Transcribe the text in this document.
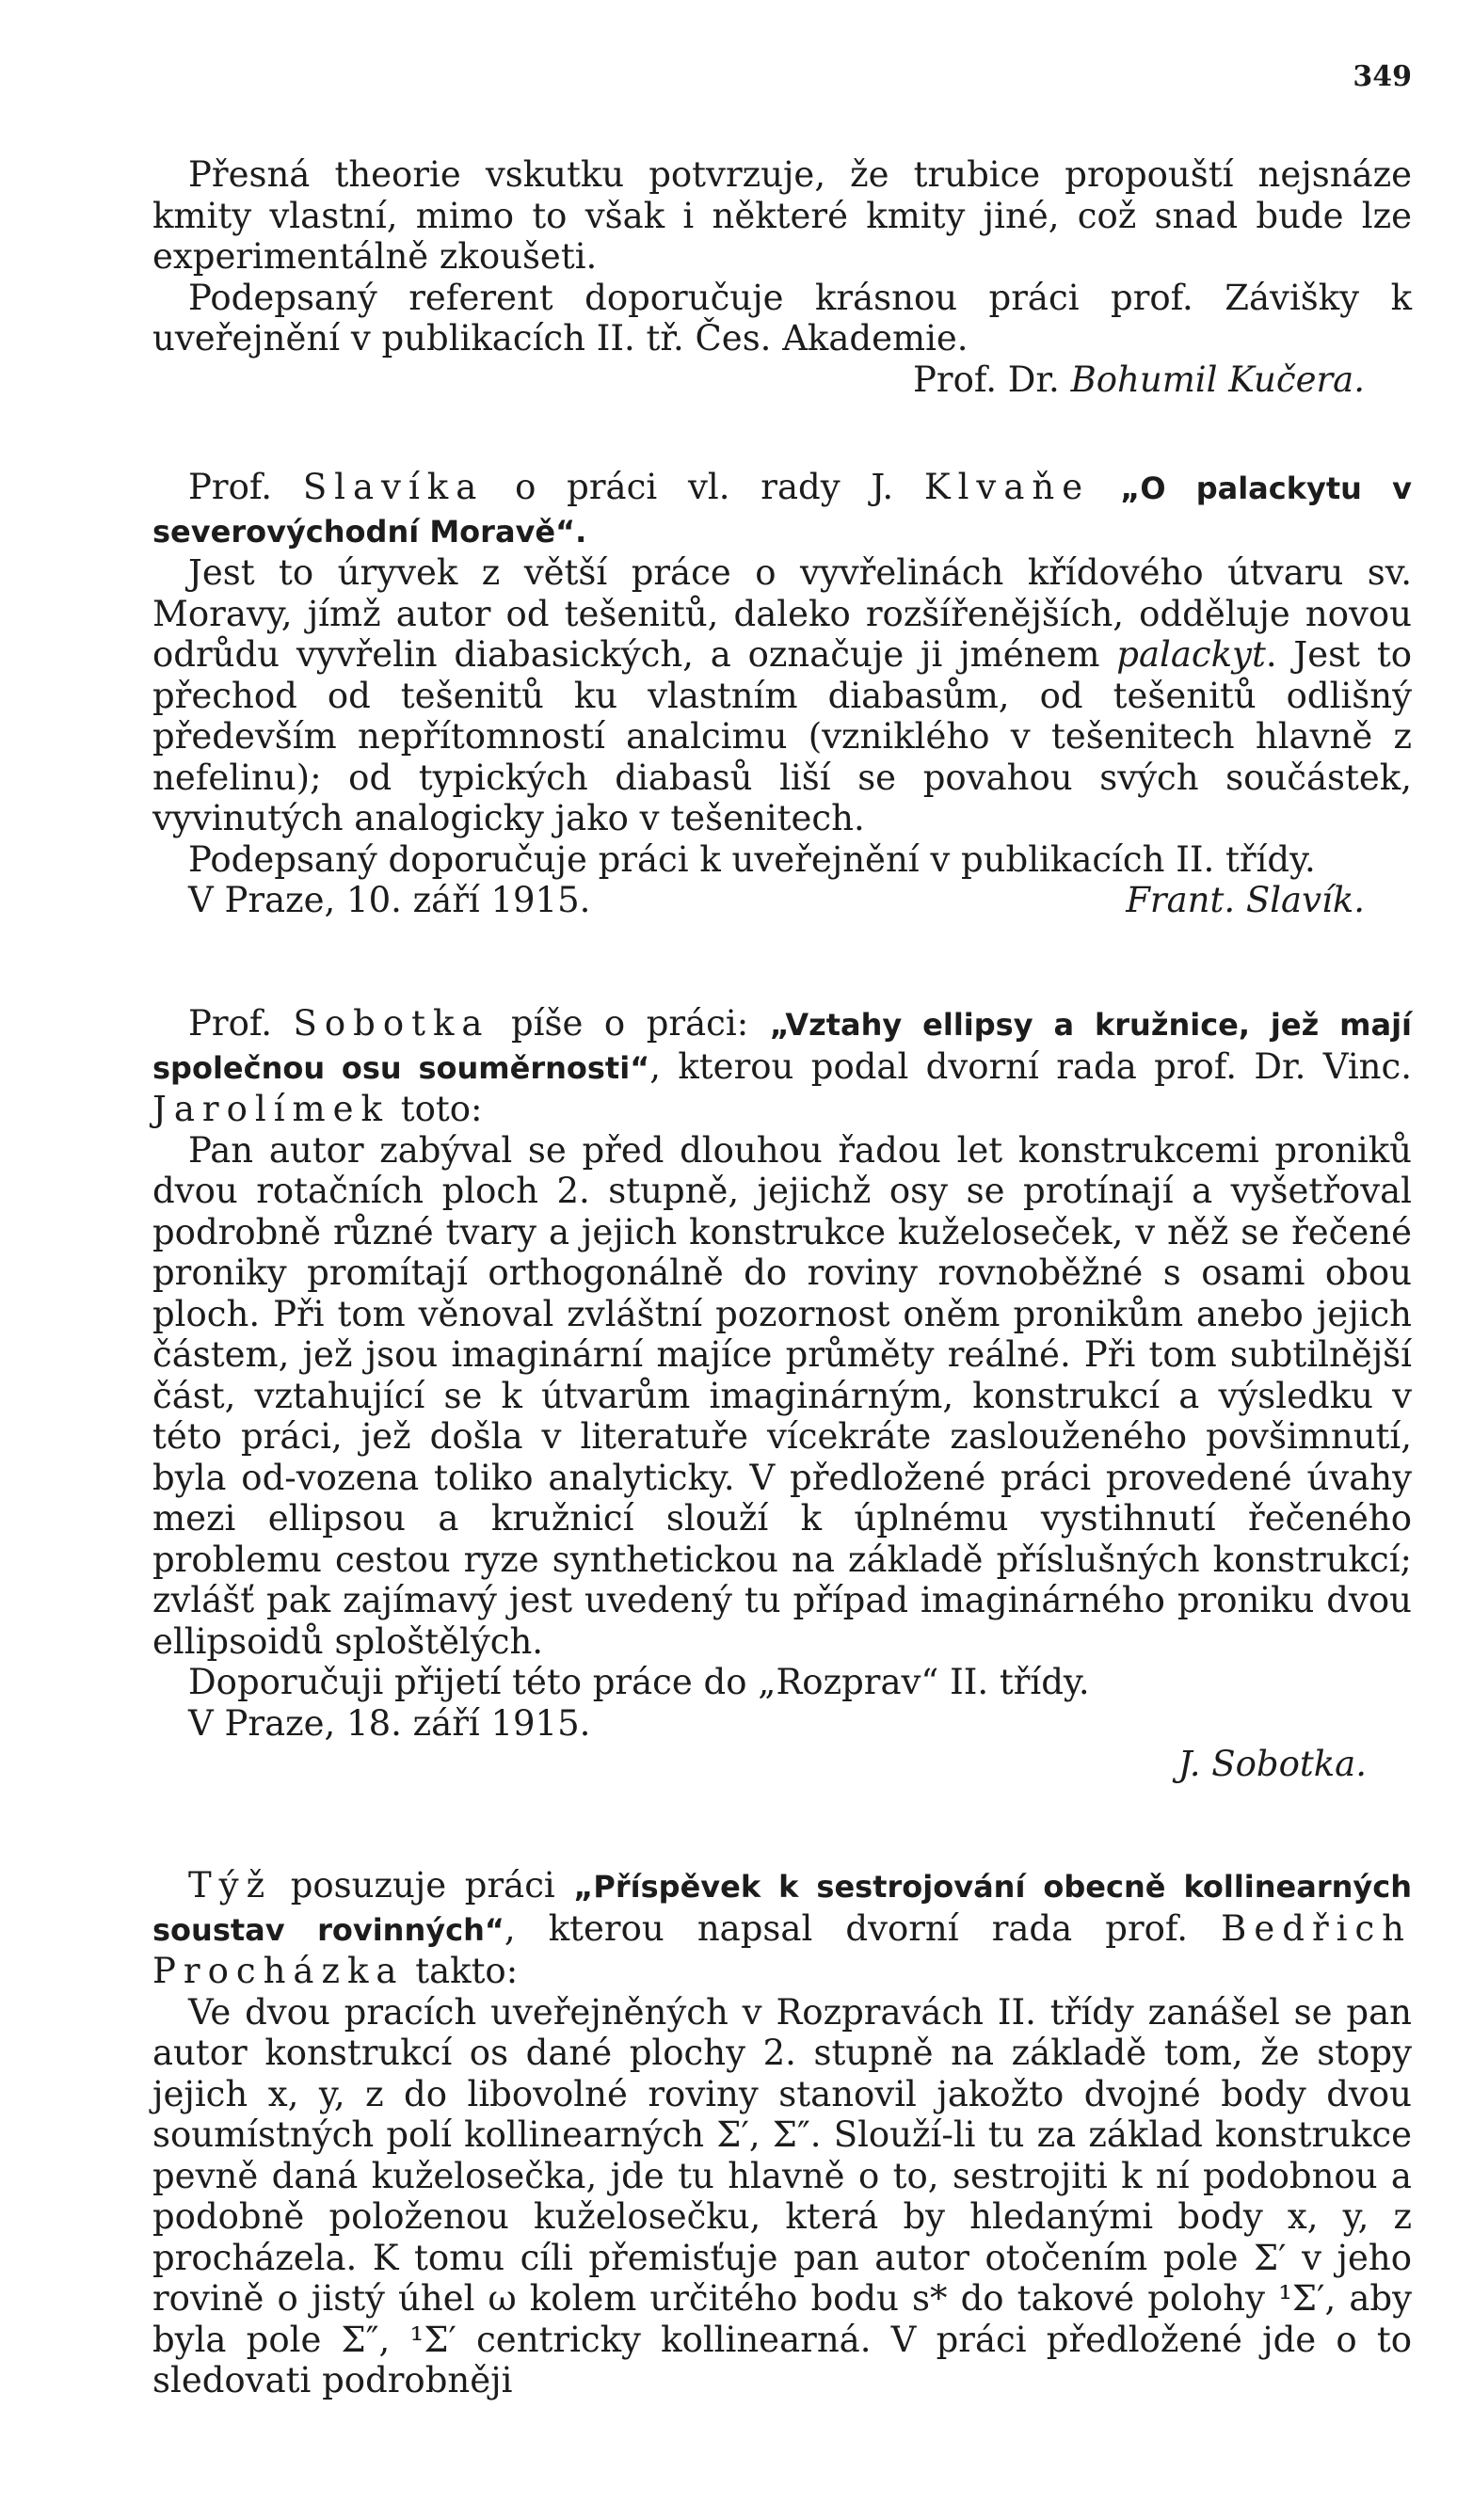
349

Přesná theorie vskutku potvrzuje, že trubice propouští nejsnáze kmity vlastní, mimo to však i některé kmity jiné, což snad bude lze experimentálně zkoušeti.

Podepsaný referent doporučuje krásnou práci prof. Závišky k uveřejnění v publikacích II. tř. Čes. Akademie.

Prof. Dr. Bohumil Kučera.

Prof. Slavíka o práci vl. rady J. Klvaňe „O palackytu v severovýchodní Moravě“.

Jest to úryvek z větší práce o vyvřelinách křídového útvaru sv. Moravy, jímž autor od tešenitů, daleko rozšířenějších, odděluje novou odrůdu vyvřelin diabasických, a označuje ji jménem palackyt. Jest to přechod od tešenitů ku vlastním diabasům, od tešenitů odlišný především nepřítomností analcimu (vzniklého v tešenitech hlavně z nefelinu); od typických diabasů liší se povahou svých součástek, vyvinutých analogicky jako v tešenitech.

Podepsaný doporučuje práci k uveřejnění v publikacích II. třídy.

V Praze, 10. září 1915.	Frant. Slavík.

Prof. Sobotka píše o práci: „Vztahy ellipsy a kružnice, jež mají společnou osu souměrnosti“, kterou podal dvorní rada prof. Dr. Vinc. Jarolímek toto:

Pan autor zabýval se před dlouhou řadou let konstrukcemi proniků dvou rotačních ploch 2. stupně, jejichž osy se protínají a vyšetřoval podrobně různé tvary a jejich konstrukce kuželoseček, v něž se řečené proniky promítají orthogonálně do roviny rovnoběžné s osami obou ploch. Při tom věnoval zvláštní pozornost oněm pronikům anebo jejich částem, jež jsou imaginární majíce průměty reálné. Při tom subtilnější část, vztahující se k útvarům imaginárným, konstrukcí a výsledku v této práci, jež došla v literatuře vícekráte zaslouženého povšimnutí, byla od-vozena toliko analyticky. V předložené práci provedené úvahy mezi ellipsou a kružnicí slouží k úplnému vystihnutí řečeného problemu cestou ryze synthetickou na základě příslušných konstrukcí; zvlášť pak zajímavý jest uvedený tu případ imaginárného proniku dvou ellipsoidů sploštělých.

Doporučuji přijetí této práce do „Rozprav“ II. třídy.

V Praze, 18. září 1915.

J. Sobotka.

Týž posuzuje práci „Příspěvek k sestrojování obecně kollinearných soustav rovinných“, kterou napsal dvorní rada prof. Bedřich Procházka takto:

Ve dvou pracích uveřejněných v Rozpravách II. třídy zanášel se pan autor konstrukcí os dané plochy 2. stupně na základě tom, že stopy jejich x, y, z do libovolné roviny stanovil jakožto dvojné body dvou soumístných polí kollinearných Σ′, Σ″. Slouží-li tu za základ konstrukce pevně daná kuželosečka, jde tu hlavně o to, sestrojiti k ní podobnou a podobně položenou kuželosečku, která by hledanými body x, y, z procházela. K tomu cíli přemisťuje pan autor otočením pole Σ′ v jeho rovině o jistý úhel ω kolem určitého bodu s* do takové polohy ¹Σ′, aby byla pole Σ″, ¹Σ′ centricky kollinearná. V práci předložené jde o to sledovati podrobněji
